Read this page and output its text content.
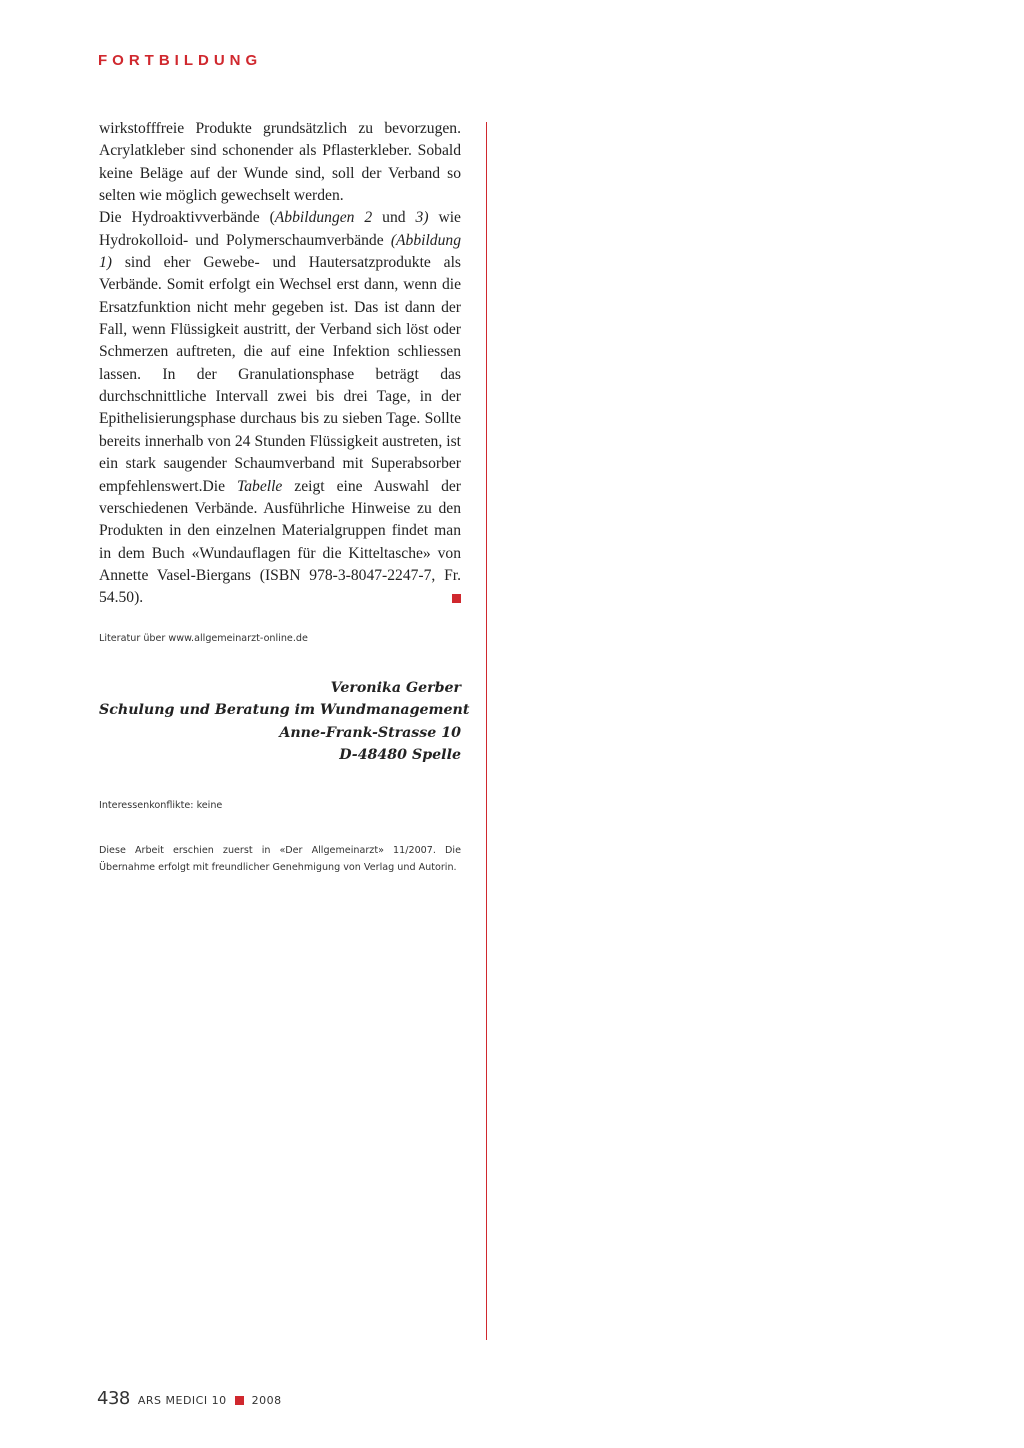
FORTBILDUNG

wirkstofffreie Produkte grundsätzlich zu bevorzugen. Acrylatkleber sind schonender als Pflasterkleber. Sobald keine Beläge auf der Wunde sind, soll der Verband so selten wie möglich gewechselt werden.

Die Hydroaktivverbände (Abbildungen 2 und 3) wie Hydrokolloid- und Polymerschaumverbände (Abbildung 1) sind eher Gewebe- und Hautersatzprodukte als Verbände. Somit erfolgt ein Wechsel erst dann, wenn die Ersatzfunktion nicht mehr gegeben ist. Das ist dann der Fall, wenn Flüssigkeit austritt, der Verband sich löst oder Schmerzen auftreten, die auf eine Infektion schliessen lassen. In der Granulationsphase beträgt das durchschnittliche Intervall zwei bis drei Tage, in der Epithelisierungsphase durchaus bis zu sieben Tage. Sollte bereits innerhalb von 24 Stunden Flüssigkeit austreten, ist ein stark saugender Schaumverband mit Superabsorber empfehlenswert.Die Tabelle zeigt eine Auswahl der verschiedenen Verbände. Ausführliche Hinweise zu den Produkten in den einzelnen Materialgruppen findet man in dem Buch «Wundauflagen für die Kitteltasche» von Annette Vasel-Biergans (ISBN 978-3-8047-2247-7, Fr. 54.50).

Literatur über www.allgemeinarzt-online.de

Veronika Gerber
Schulung und Beratung im Wundmanagement
Anne-Frank-Strasse 10
D-48480 Spelle

Interessenkonflikte: keine

Diese Arbeit erschien zuerst in «Der Allgemeinarzt» 11/2007. Die Übernahme erfolgt mit freundlicher Genehmigung von Verlag und Autorin.

438 ARS MEDICI 10 2008
